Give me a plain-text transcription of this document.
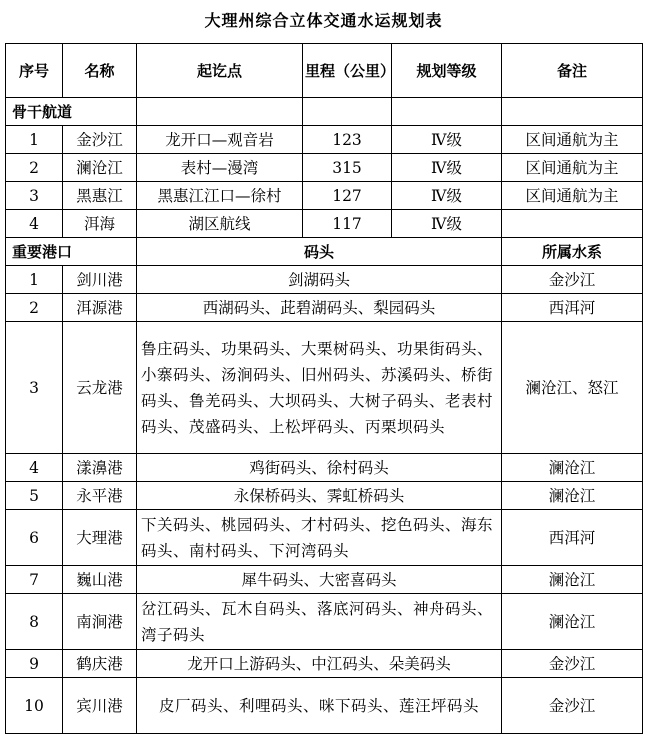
大理州综合立体交通水运规划表
序号	名称	起讫点	里程（公里）	规划等级	备注
骨干航道					
1	金沙江	龙开口—观音岩	123	Ⅳ级	区间通航为主
2	澜沧江	表村—漫湾	315	Ⅳ级	区间通航为主
3	黑惠江	黑惠江江口—徐村	127	Ⅳ级	区间通航为主
4	洱海	湖区航线	117	Ⅳ级	
重要港口		码头			所属水系
1	剑川港	剑湖码头			金沙江
2	洱源港	西湖码头、茈碧湖码头、梨园码头			西洱河
3	云龙港	鲁庄码头、功果码头、大栗树码头、功果街码头、小寨码头、汤涧码头、旧州码头、苏溪码头、桥街码头、鲁羌码头、大坝码头、大树子码头、老表村码头、茂盛码头、上松坪码头、丙栗坝码头			澜沧江、怒江
4	漾濞港	鸡街码头、徐村码头			澜沧江
5	永平港	永保桥码头、霁虹桥码头			澜沧江
6	大理港	下关码头、桃园码头、才村码头、挖色码头、海东码头、南村码头、下河湾码头			西洱河
7	巍山港	犀牛码头、大密喜码头			澜沧江
8	南涧港	岔江码头、瓦木自码头、落底河码头、神舟码头、湾子码头			澜沧江
9	鹤庆港	龙开口上游码头、中江码头、朵美码头			金沙江
10	宾川港	皮厂码头、利哩码头、咪下码头、莲汪坪码头			金沙江
